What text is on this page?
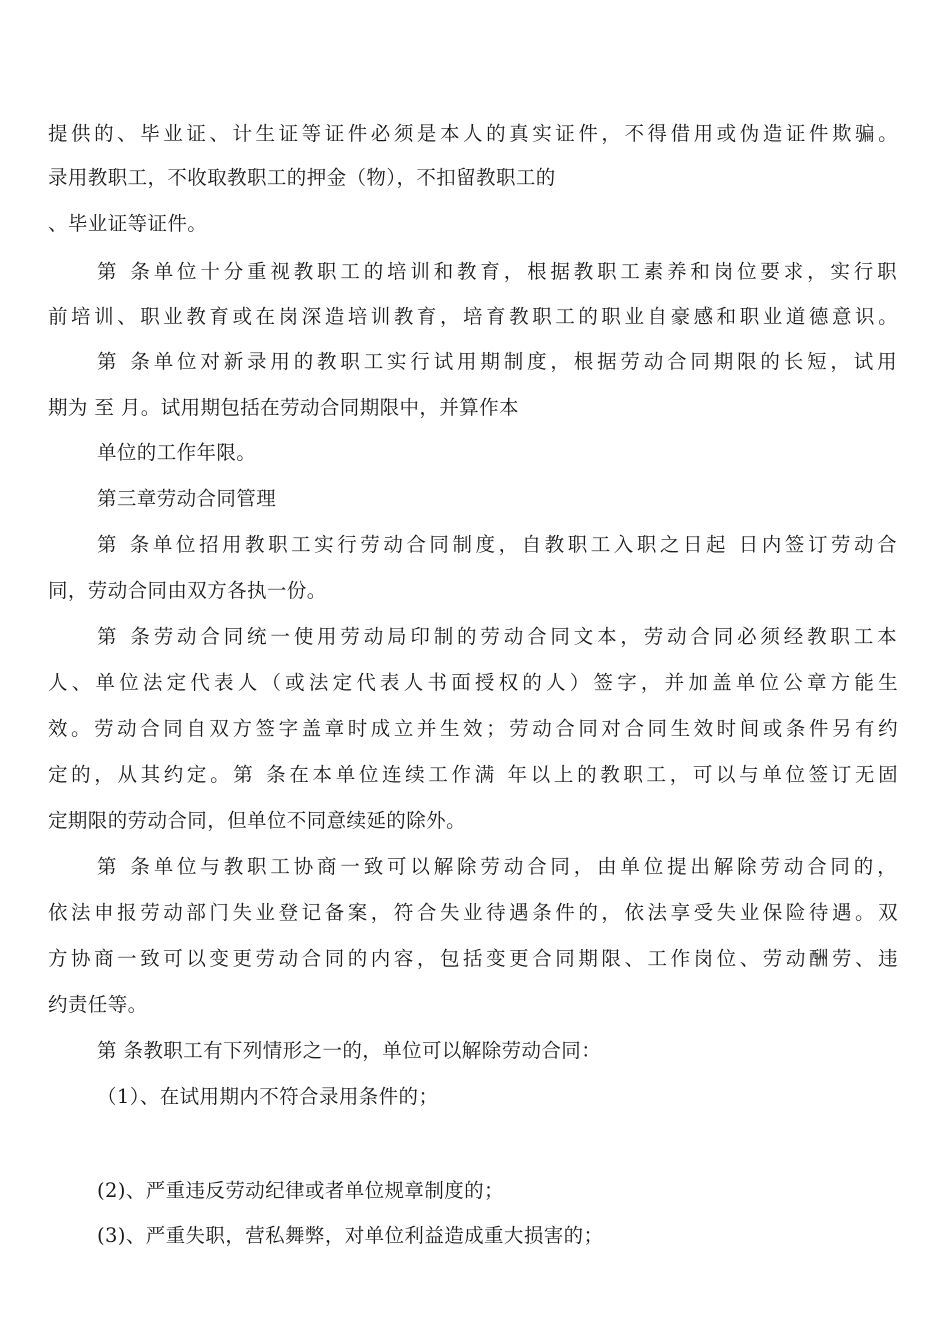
提供的、毕业证、计生证等证件必须是本人的真实证件，不得借用或伪造证件欺骗。
录用教职工，不收取教职工的押金（物），不扣留教职工的
、毕业证等证件。
第 条单位十分重视教职工的培训和教育，根据教职工素养和岗位要求，实行职
前培训、职业教育或在岗深造培训教育，培育教职工的职业自豪感和职业道德意识。
第 条单位对新录用的教职工实行试用期制度，根据劳动合同期限的长短，试用
期为 至 月。试用期包括在劳动合同期限中，并算作本
单位的工作年限。
第三章劳动合同管理
第 条单位招用教职工实行劳动合同制度，自教职工入职之日起 日内签订劳动合
同，劳动合同由双方各执一份。
第 条劳动合同统一使用劳动局印制的劳动合同文本，劳动合同必须经教职工本
人、单位法定代表人（或法定代表人书面授权的人）签字，并加盖单位公章方能生
效。劳动合同自双方签字盖章时成立并生效；劳动合同对合同生效时间或条件另有约
定的，从其约定。第 条在本单位连续工作满 年以上的教职工，可以与单位签订无固
定期限的劳动合同，但单位不同意续延的除外。
第 条单位与教职工协商一致可以解除劳动合同，由单位提出解除劳动合同的，
依法申报劳动部门失业登记备案，符合失业待遇条件的，依法享受失业保险待遇。双
方协商一致可以变更劳动合同的内容，包括变更合同期限、工作岗位、劳动酬劳、违
约责任等。
第 条教职工有下列情形之一的，单位可以解除劳动合同：
（1）、在试用期内不符合录用条件的；
(2)、严重违反劳动纪律或者单位规章制度的；
(3)、严重失职，营私舞弊，对单位利益造成重大损害的；
